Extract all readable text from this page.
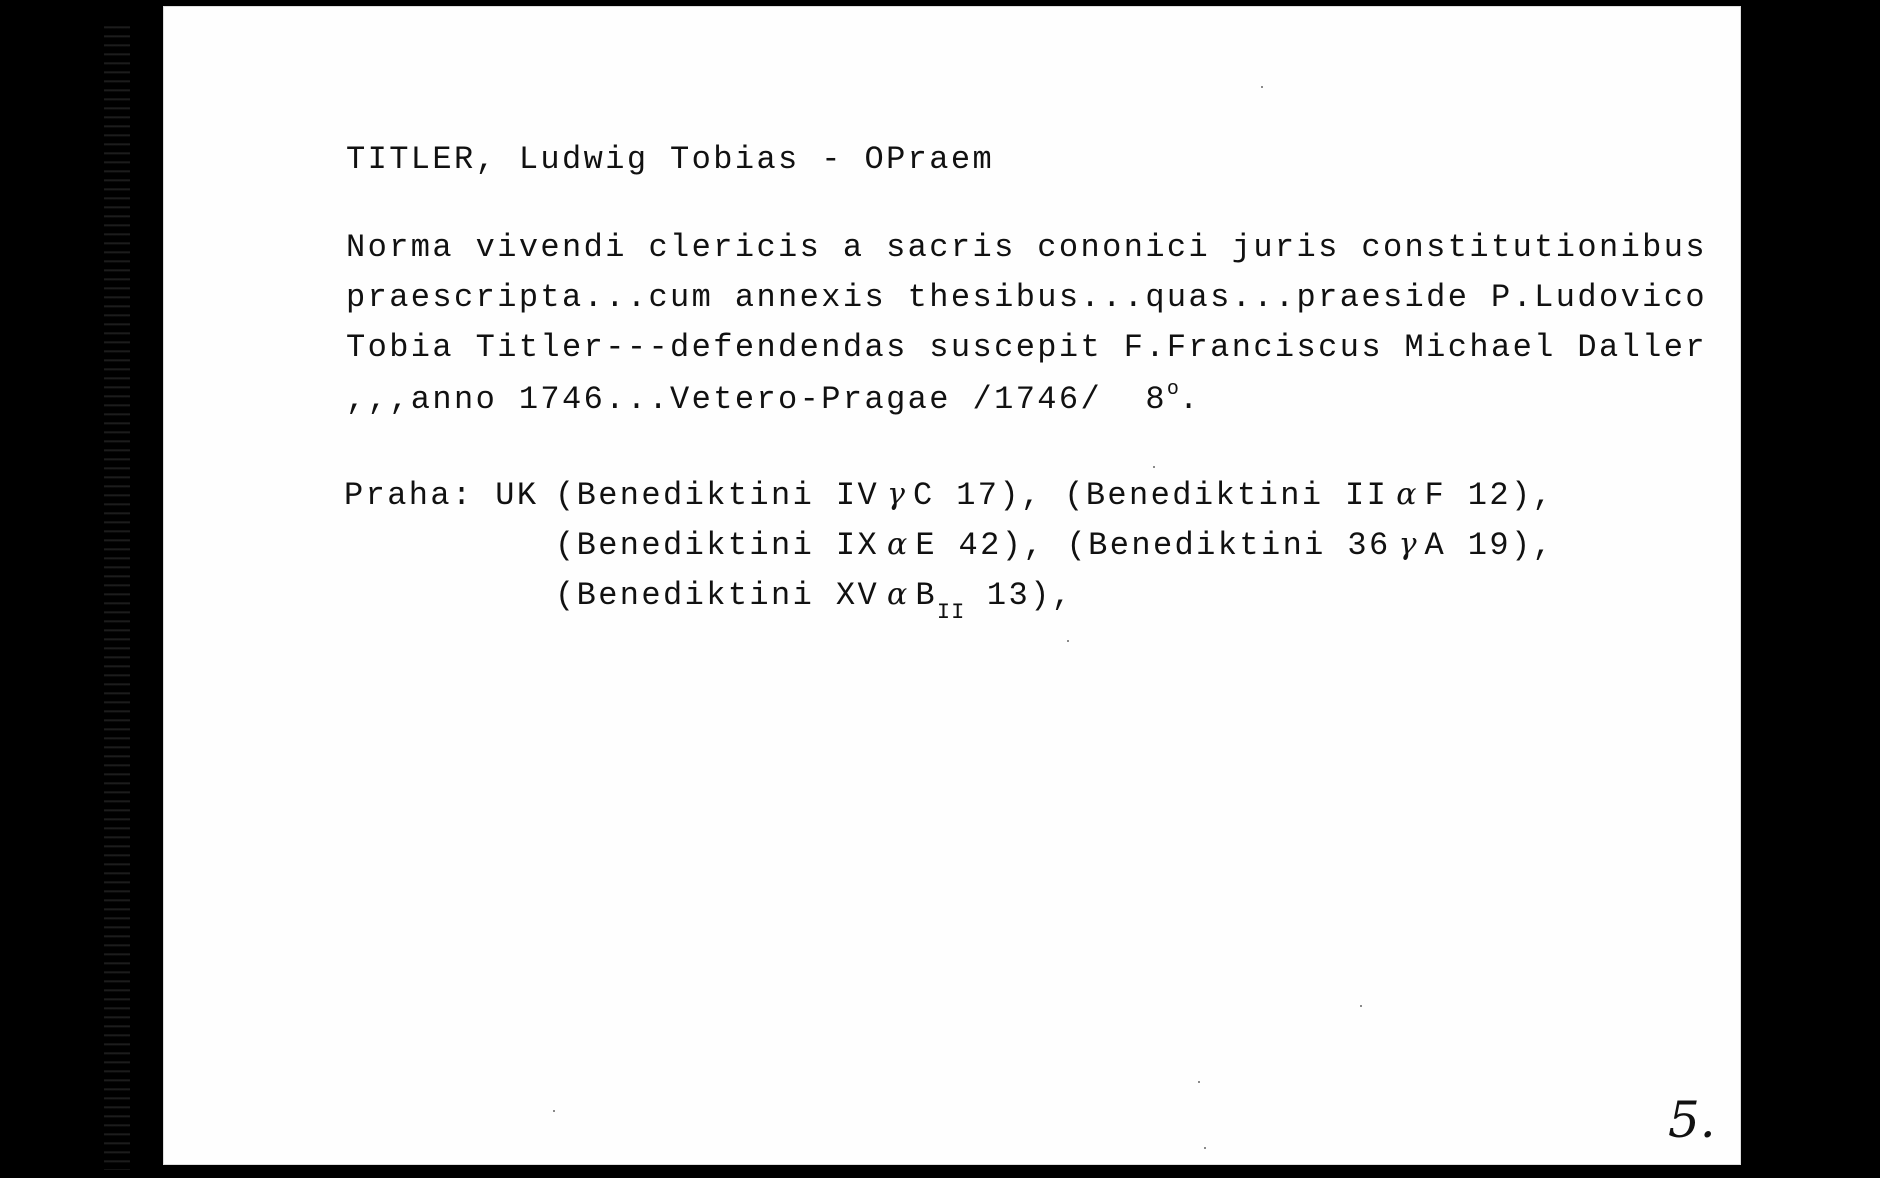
TITLER, Ludwig Tobias - OPraem
Norma vivendi clericis a sacris cononici juris constitutionibus
praescripta...cum annexis thesibus...quas...praeside P.Ludovico
Tobia Titler---defendendas suscepit F.Franciscus Michael Daller
,,,anno 1746...Vetero-Pragae /1746/  8$^o$.
Praha: UK (Benediktini IV γ C 17), (Benediktini II α F 12),
(Benediktini IX α E 42), (Benediktini 36 γ A 19),
(Benediktini XV α $B_{II}$ 13),
5.
